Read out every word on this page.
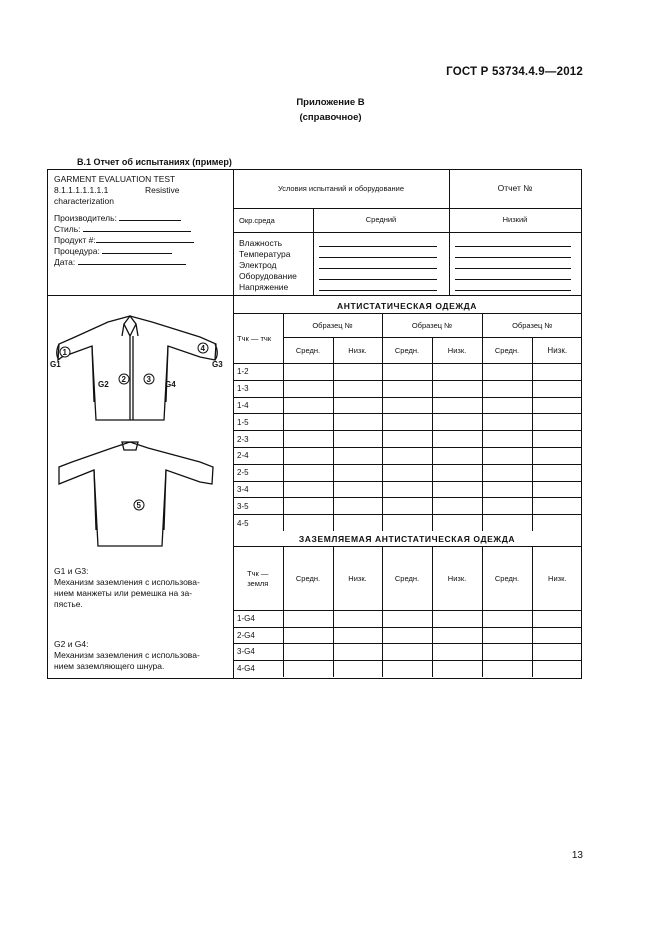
ГОСТ Р 53734.4.9—2012
Приложение В
(справочное)
В.1 Отчет об испытаниях (пример)
GARMENT EVALUATION TEST
8.1.1.1.1.1.1.1	Resistive
characterization
Производитель:
Стиль:
Продукт #:
Процедура:
Дата:
Условия испытаний и оборудование	Отчет №
Окр.среда	Средний	Низкий
Влажность
Температура
Электрод
Оборудование
Напряжение
1	4
2	3
5
G1	G3
G2	G4
G1 и G3:
Механизм заземления с использова-
нием манжеты или ремешка на за-
пястье.
G2 и G4:
Механизм заземления с использова-
нием заземляющего шнура.
АНТИСТАТИЧЕСКАЯ ОДЕЖДА
Тчк — тчк	Образец №		Образец №		Образец №	
	Средн.	Низк.	Средн.	Низк.	Средн.	Низк.
1-2						
1-3						
1-4						
1-5						
2-3						
2-4						
2-5						
3-4						
3-5						
4-5						
ЗАЗЕМЛЯЕМАЯ АНТИСТАТИЧЕСКАЯ ОДЕЖДА
Тчк —
земля	Средн.	Низк.	Средн.	Низк.	Средн.	Низк.
1-G4						
2-G4						
3-G4						
4-G4						
13
